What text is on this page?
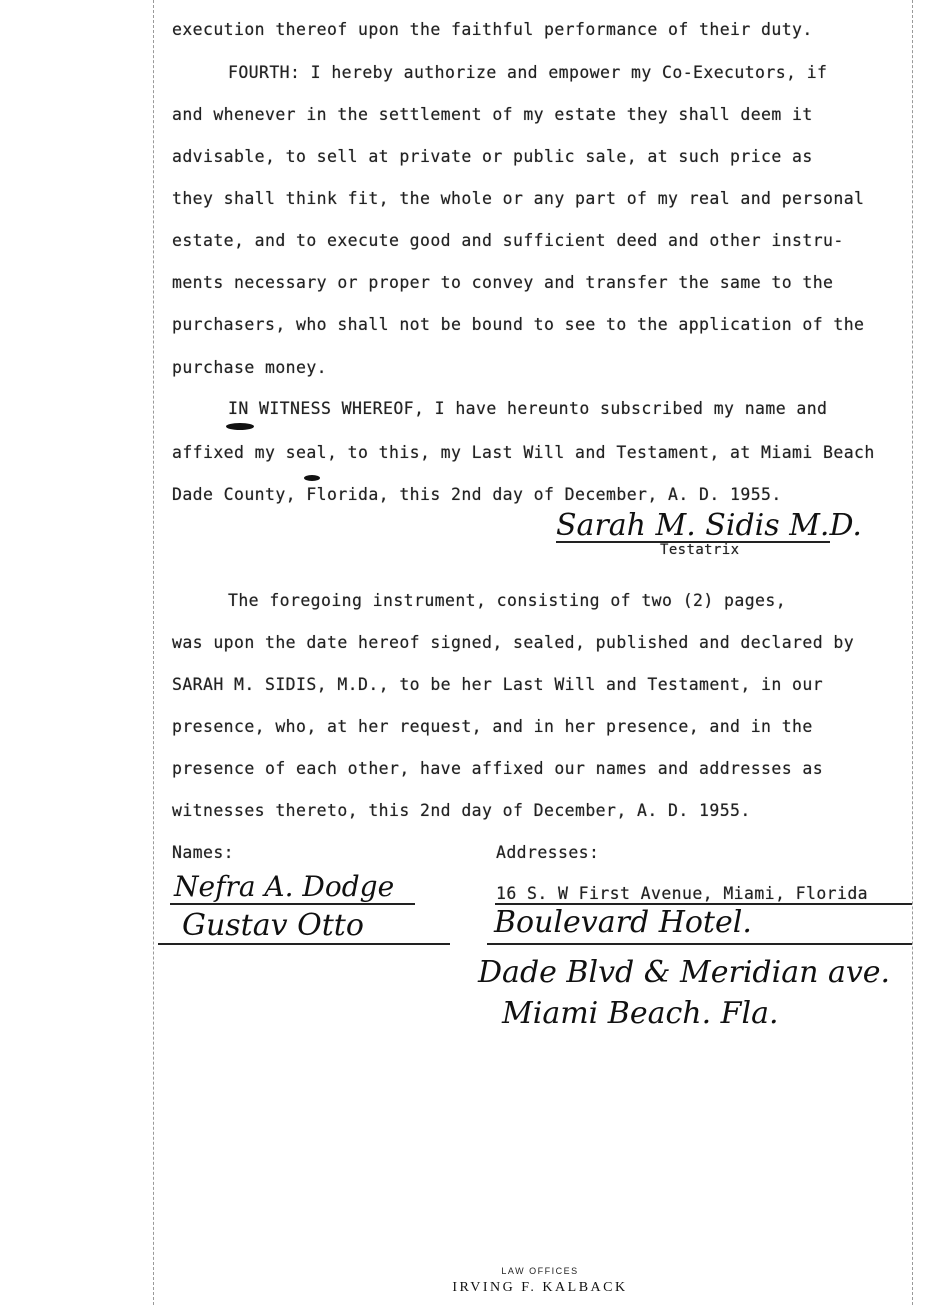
execution thereof upon the faithful performance of their duty.
FOURTH: I hereby authorize and empower my Co-Executors, if
and whenever in the settlement of my estate they shall deem it
advisable, to sell at private or public sale, at such price as
they shall think fit, the whole or any part of my real and personal
estate, and to execute good and sufficient deed and other instru-
ments necessary or proper to convey and transfer the same to the
purchasers, who shall not be bound to see to the application of the
purchase money.
IN WITNESS WHEREOF, I have hereunto subscribed my name and
affixed my seal, to this, my Last Will and Testament, at Miami Beach
Dade County, Florida, this 2nd day of December, A. D. 1955.
Sarah M. Sidis M.D.
Testatrix
The foregoing instrument, consisting of two (2) pages,
was upon the date hereof signed, sealed, published and declared by
SARAH M. SIDIS, M.D., to be her Last Will and Testament, in our
presence, who, at her request, and in her presence, and in the
presence of each other, have affixed our names and addresses as
witnesses thereto, this 2nd day of December, A. D. 1955.
Names:	Addresses:
Nefra A. Dodge	16 S. W First Avenue, Miami, Florida
Gustav Otto	Boulevard Hotel.
Dade Blvd & Meridian ave.
Miami Beach. Fla.
LAW OFFICES
IRVING F. KALBACK
